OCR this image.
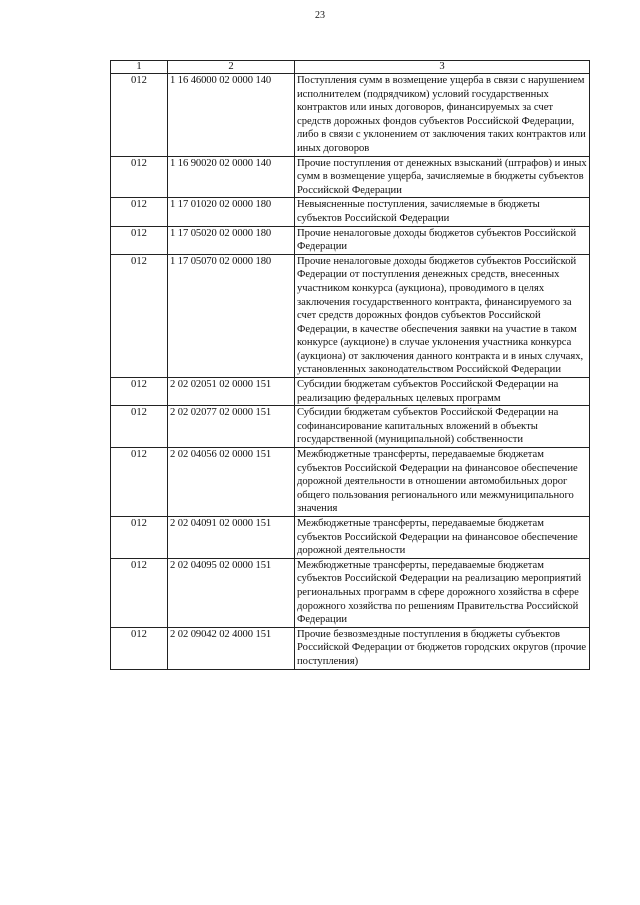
23
1	2	3
012	1 16 46000 02 0000 140	Поступления сумм в возмещение ущерба в связи с нарушением исполнителем (подрядчиком) условий государственных контрактов или иных договоров, финансируемых за счет средств дорожных фондов субъектов Российской Федерации, либо в связи с уклонением от заключения таких контрактов или иных договоров
012	1 16 90020 02 0000 140	Прочие поступления от денежных взысканий (штрафов) и иных сумм в возмещение ущерба, зачисляемые в бюджеты субъектов Российской Федерации
012	1 17 01020 02 0000 180	Невыясненные поступления, зачисляемые в бюджеты субъектов Российской Федерации
012	1 17 05020 02 0000 180	Прочие неналоговые доходы бюджетов субъектов Российской Федерации
012	1 17 05070 02 0000 180	Прочие неналоговые доходы бюджетов субъектов Российской Федерации от поступления денежных средств, внесенных участником конкурса (аукциона), проводимого в целях заключения государственного контракта, финансируемого за счет средств дорожных фондов субъектов Российской Федерации, в качестве обеспечения заявки на участие в таком конкурсе (аукционе) в случае уклонения участника конкурса (аукциона) от заключения данного контракта и в иных случаях, установленных законодательством Российской Федерации
012	2 02 02051 02 0000 151	Субсидии бюджетам субъектов Российской Федерации на реализацию федеральных целевых программ
012	2 02 02077 02 0000 151	Субсидии бюджетам субъектов Российской Федерации на софинансирование капитальных вложений в объекты государственной (муниципальной) собственности
012	2 02 04056 02 0000 151	Межбюджетные трансферты, передаваемые бюджетам субъектов Российской Федерации на финансовое обеспечение дорожной деятельности в отношении автомобильных дорог общего пользования регионального или межмуниципального значения
012	2 02 04091 02 0000 151	Межбюджетные трансферты, передаваемые бюджетам субъектов Российской Федерации на финансовое обеспечение дорожной деятельности
012	2 02 04095 02 0000 151	Межбюджетные трансферты, передаваемые бюджетам субъектов Российской Федерации на реализацию мероприятий региональных программ в сфере дорожного хозяйства в сфере дорожного хозяйства по решениям Правительства Российской Федерации
012	2 02 09042 02 4000 151	Прочие безвозмездные поступления в бюджеты субъектов Российской Федерации от бюджетов городских округов (прочие поступления)
